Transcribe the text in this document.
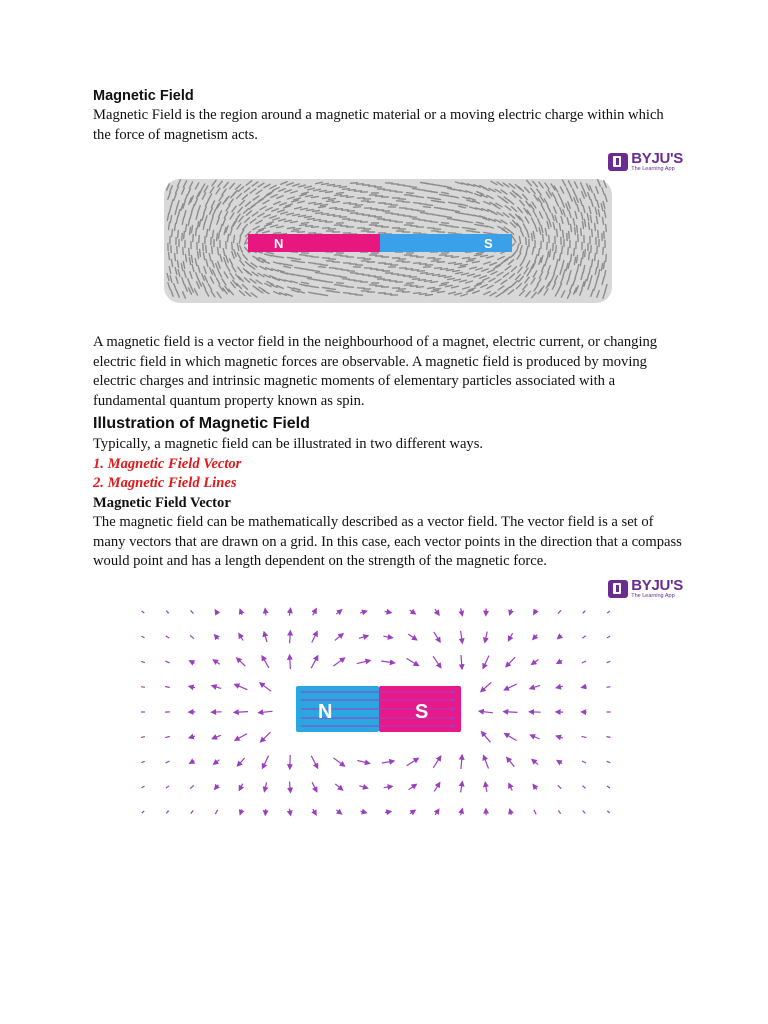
Magnetic Field

Magnetic Field is the region around a magnetic material or a moving electric charge within which the force of magnetism acts.

BYJU'S
The Learning App
N	S

A magnetic field is a vector field in the neighbourhood of a magnet, electric current, or changing electric field in which magnetic forces are observable. A magnetic field is produced by moving electric charges and intrinsic magnetic moments of elementary particles associated with a fundamental quantum property known as spin.

Illustration of Magnetic Field

Typically, a magnetic field can be illustrated in two different ways.

1. Magnetic Field Vector
2. Magnetic Field Lines
Magnetic Field Vector

The magnetic field can be mathematically described as a vector field. The vector field is a set of many vectors that are drawn on a grid. In this case, each vector points in the direction that a compass would point and has a length dependent on the strength of the magnetic force.

BYJU'S
The Learning App
N	S
